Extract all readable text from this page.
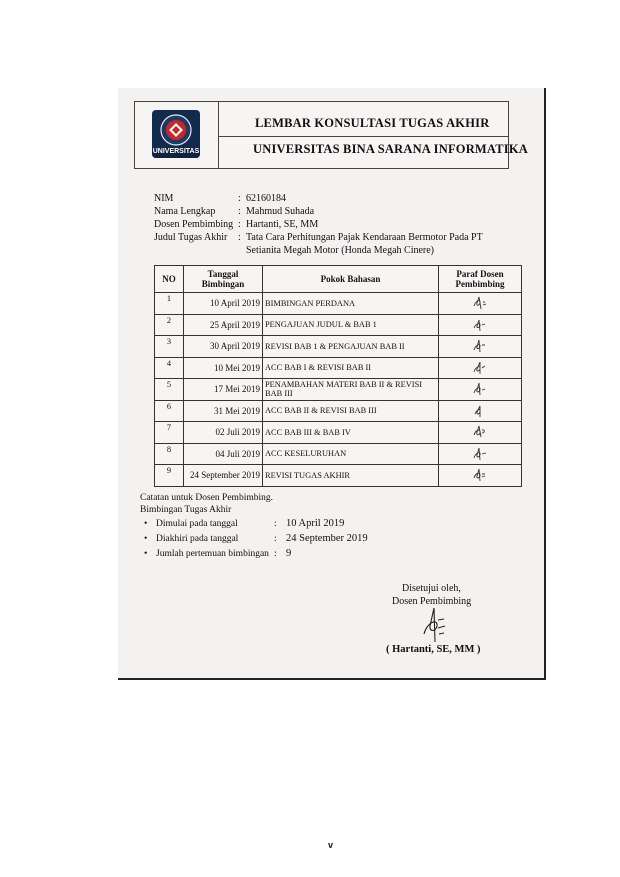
UNIVERSITAS
LEMBAR KONSULTASI TUGAS AKHIR
UNIVERSITAS BINA SARANA INFORMATIKA
NIM	: 62160184
Nama Lengkap	: Mahmud Suhada
Dosen Pembimbing : Hartanti, SE, MM
Judul Tugas Akhir	: Tata Cara Perhitungan Pajak Kendaraan Bermotor Pada PT Setianita Megah Motor (Honda Megah Cinere)
NO	Tanggal Bimbingan	Pokok Bahasan	Paraf Dosen Pembimbing
1	10 April 2019	BIMBINGAN PERDANA	

2	25 April 2019	PENGAJUAN JUDUL & BAB 1	

3	30 April 2019	REVISI BAB 1 & PENGAJUAN BAB II	

4	10 Mei 2019	ACC BAB I & REVISI BAB II	

5	17 Mei 2019	PENAMBAHAN MATERI BAB II & REVISI BAB III	

6	31 Mei 2019	ACC BAB II & REVISI BAB III	

7	02 Juli 2019	ACC BAB III & BAB IV	

8	04 Juli 2019	ACC KESELURUHAN	

9	24 September 2019	REVISI TUGAS AKHIR	
Catatan untuk Dosen Pembimbing.
Bimbingan Tugas Akhir
• Dimulai pada tanggal	: 10 April 2019
• Diakhiri pada tanggal	: 24 September 2019
• Jumlah pertemuan bimbingan : 9
Disetujui oleh,
Dosen Pembimbing
( Hartanti, SE, MM )
v
